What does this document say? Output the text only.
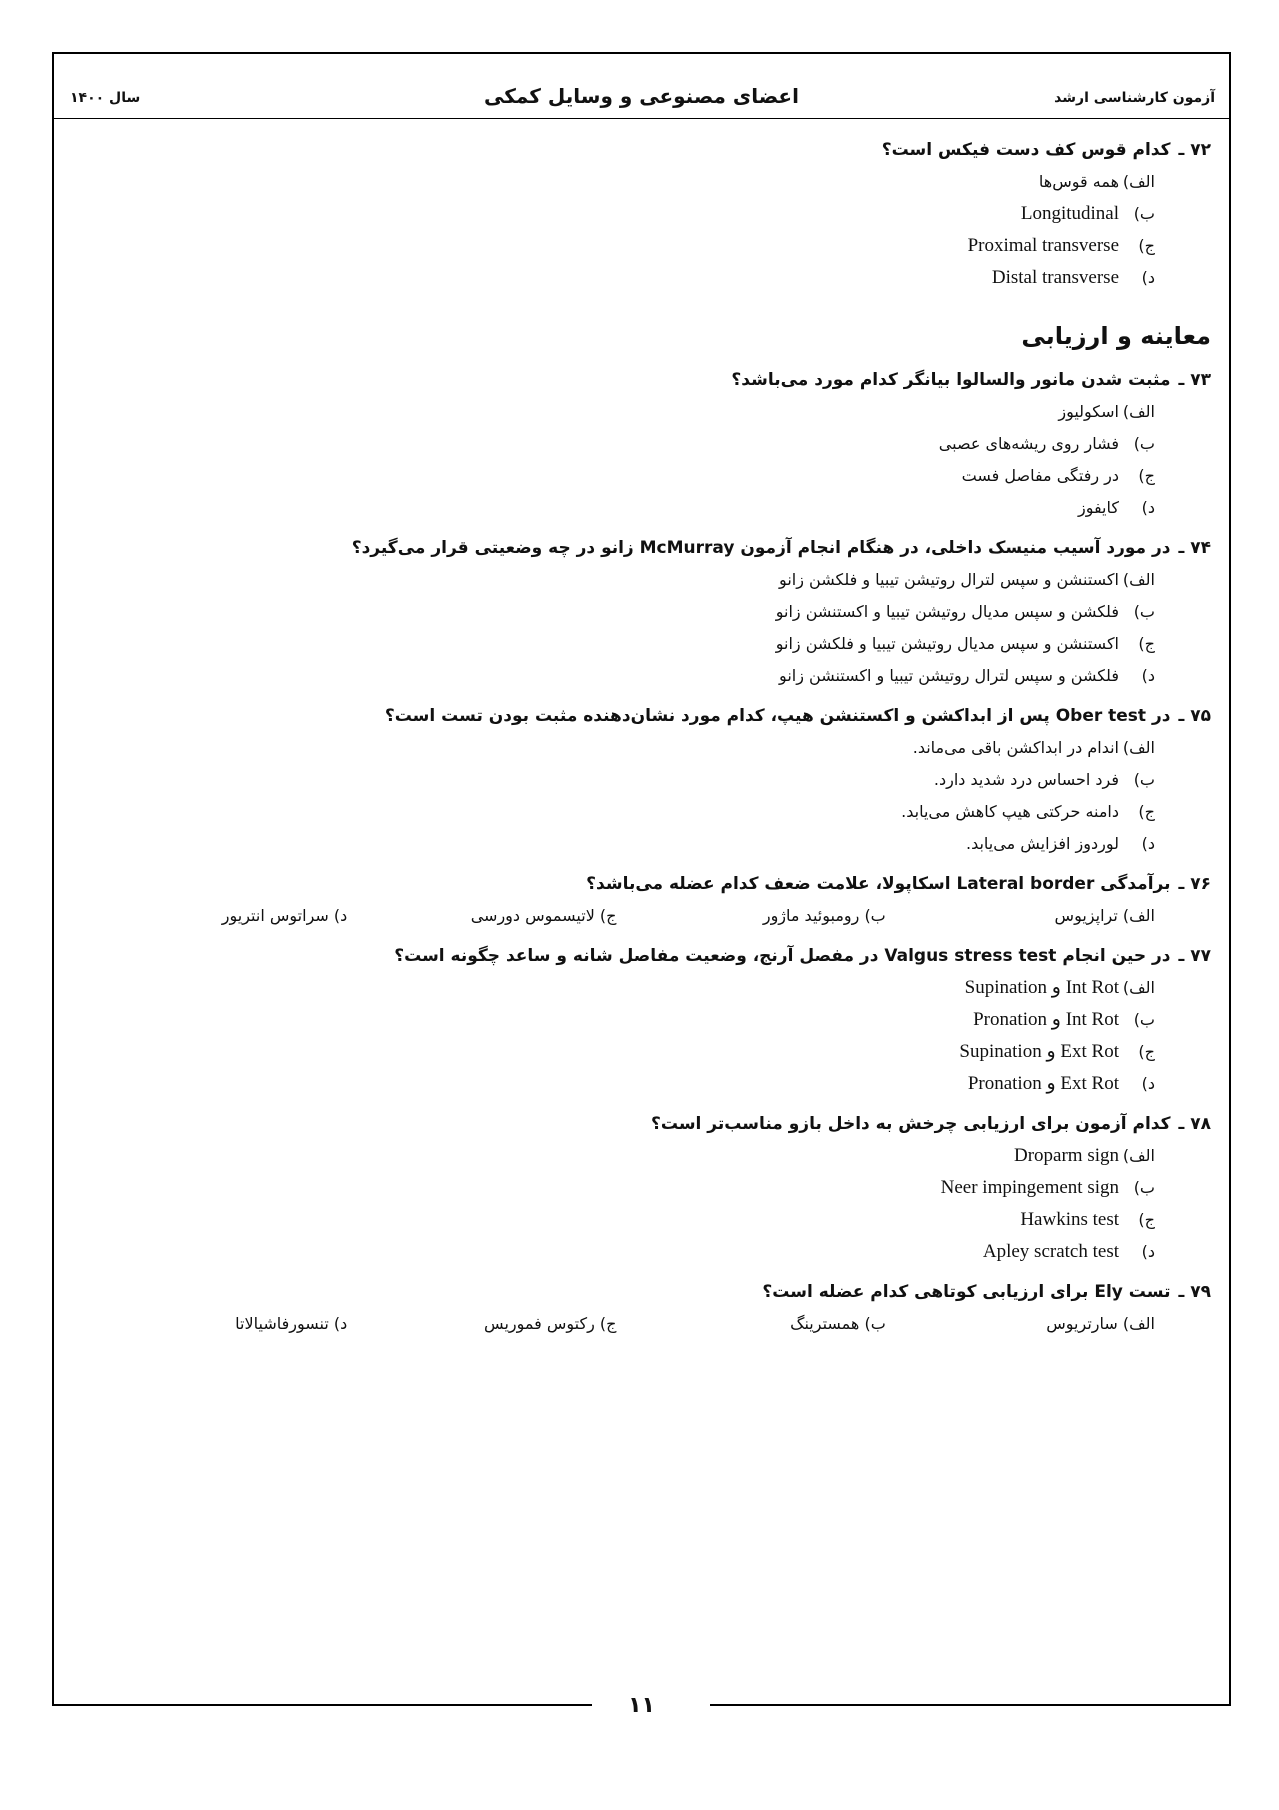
آزمون کارشناسی ارشد
اعضای مصنوعی و وسایل کمکی
سال ۱۴۰۰
۷۲ ـکدام قوس کف دست فیکس است؟
الف)همه قوس‌ها
ب)Longitudinal
ج)Proximal transverse
د)Distal transverse
معاینه و ارزیابی
۷۳ ـمثبت شدن مانور والسالوا بیانگر کدام مورد می‌باشد؟
الف)اسکولیوز
ب)فشار روی ریشه‌های عصبی
ج)در رفتگی مفاصل فست
د)کایفوز
۷۴ ـدر مورد آسیب منیسک داخلی، در هنگام انجام آزمون McMurray زانو در چه وضعیتی قرار می‌گیرد؟
الف)اکستنشن و سپس لترال روتیشن تیبیا و فلکشن زانو
ب)فلکشن و سپس مدیال روتیشن تیبیا و اکستنشن زانو
ج)اکستنشن و سپس مدیال روتیشن تیبیا و فلکشن زانو
د)فلکشن و سپس لترال روتیشن تیبیا و اکستنشن زانو
۷۵ ـدر Ober test پس از ابداکشن و اکستنشن هیپ، کدام مورد نشان‌دهنده مثبت بودن تست است؟
الف)اندام در ابداکشن باقی می‌ماند.
ب)فرد احساس درد شدید دارد.
ج)دامنه حرکتی هیپ کاهش می‌یابد.
د)لوردوز افزایش می‌یابد.
۷۶ ـبرآمدگی Lateral border اسکاپولا، علامت ضعف کدام عضله می‌باشد؟
الف) تراپزیوس
ب) رومبوئید ماژور
ج) لاتیسموس دورسی
د) سراتوس انتریور
۷۷ ـدر حین انجام Valgus stress test در مفصل آرنج، وضعیت مفاصل شانه و ساعد چگونه است؟
الف)Int Rot و Supination
ب)Int Rot و Pronation
ج)Ext Rot و Supination
د)Ext Rot و Pronation
۷۸ ـکدام آزمون برای ارزیابی چرخش به داخل بازو مناسب‌تر است؟
الف)Droparm sign
ب)Neer impingement sign
ج)Hawkins test
د)Apley scratch test
۷۹ ـتست Ely برای ارزیابی کوتاهی کدام عضله است؟
الف) سارتریوس
ب) همسترینگ
ج) رکتوس فموریس
د) تنسورفاشیالاتا
۱۱
